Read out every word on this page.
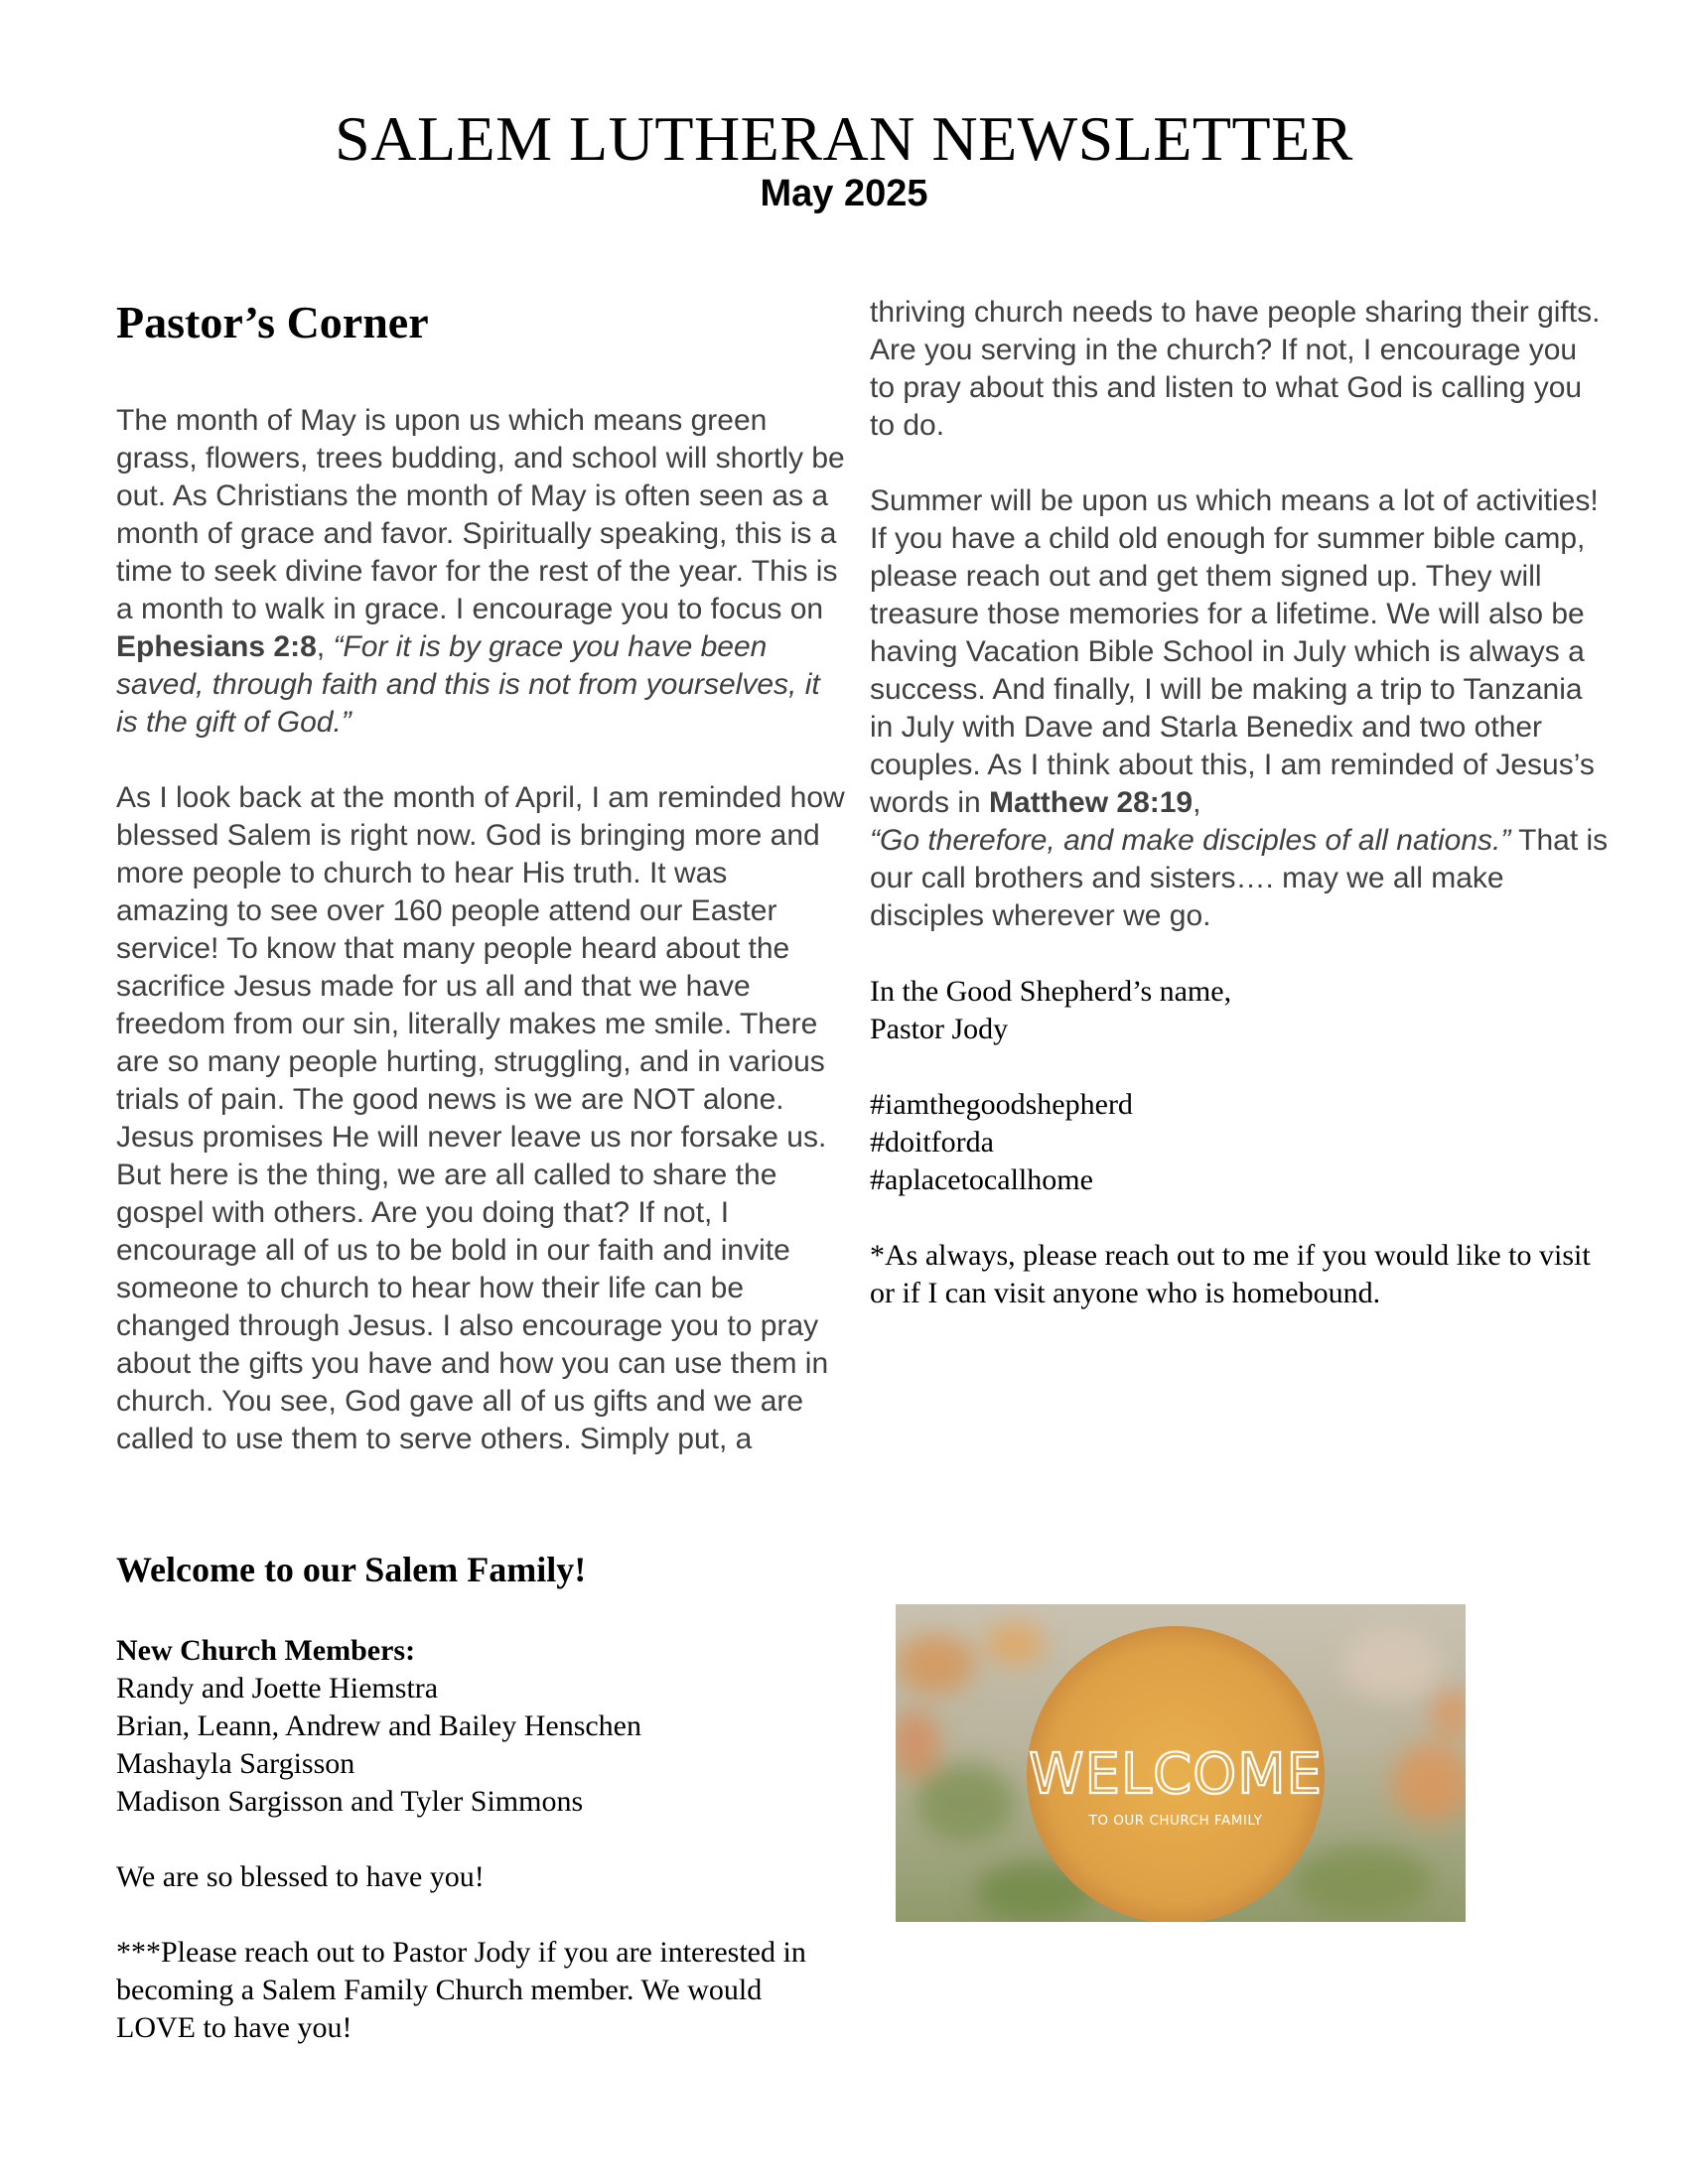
SALEM LUTHERAN NEWSLETTER
May 2025
Pastor’s Corner

The month of May is upon us which means green grass, flowers, trees budding, and school will shortly be out. As Christians the month of May is often seen as a month of grace and favor. Spiritually speaking, this is a time to seek divine favor for the rest of the year. This is a month to walk in grace. I encourage you to focus on Ephesians 2:8, “For it is by grace you have been saved, through faith and this is not from yourselves, it is the gift of God.”

As I look back at the month of April, I am reminded how blessed Salem is right now. God is bringing more and more people to church to hear His truth. It was amazing to see over 160 people attend our Easter service! To know that many people heard about the sacrifice Jesus made for us all and that we have freedom from our sin, literally makes me smile. There are so many people hurting, struggling, and in various trials of pain. The good news is we are NOT alone. Jesus promises He will never leave us nor forsake us. But here is the thing, we are all called to share the gospel with others. Are you doing that? If not, I encourage all of us to be bold in our faith and invite someone to church to hear how their life can be changed through Jesus. I also encourage you to pray about the gifts you have and how you can use them in church. You see, God gave all of us gifts and we are called to use them to serve others. Simply put, a

thriving church needs to have people sharing their gifts. Are you serving in the church? If not, I encourage you to pray about this and listen to what God is calling you to do.

Summer will be upon us which means a lot of activities! If you have a child old enough for summer bible camp, please reach out and get them signed up. They will treasure those memories for a lifetime. We will also be having Vacation Bible School in July which is always a success. And finally, I will be making a trip to Tanzania in July with Dave and Starla Benedix and two other couples. As I think about this, I am reminded of Jesus’s words in Matthew 28:19,
“Go therefore, and make disciples of all nations.” That is our call brothers and sisters…. may we all make disciples wherever we go.

In the Good Shepherd’s name,
Pastor Jody

#iamthegoodshepherd
#doitforda
#aplacetocallhome

*As always, please reach out to me if you would like to visit or if I can visit anyone who is homebound.

Welcome to our Salem Family!

New Church Members:
Randy and Joette Hiemstra
Brian, Leann, Andrew and Bailey Henschen
Mashayla Sargisson
Madison Sargisson and Tyler Simmons

We are so blessed to have you!

***Please reach out to Pastor Jody if you are interested in becoming a Salem Family Church member. We would LOVE to have you!

WELCOME
TO OUR CHURCH FAMILY
